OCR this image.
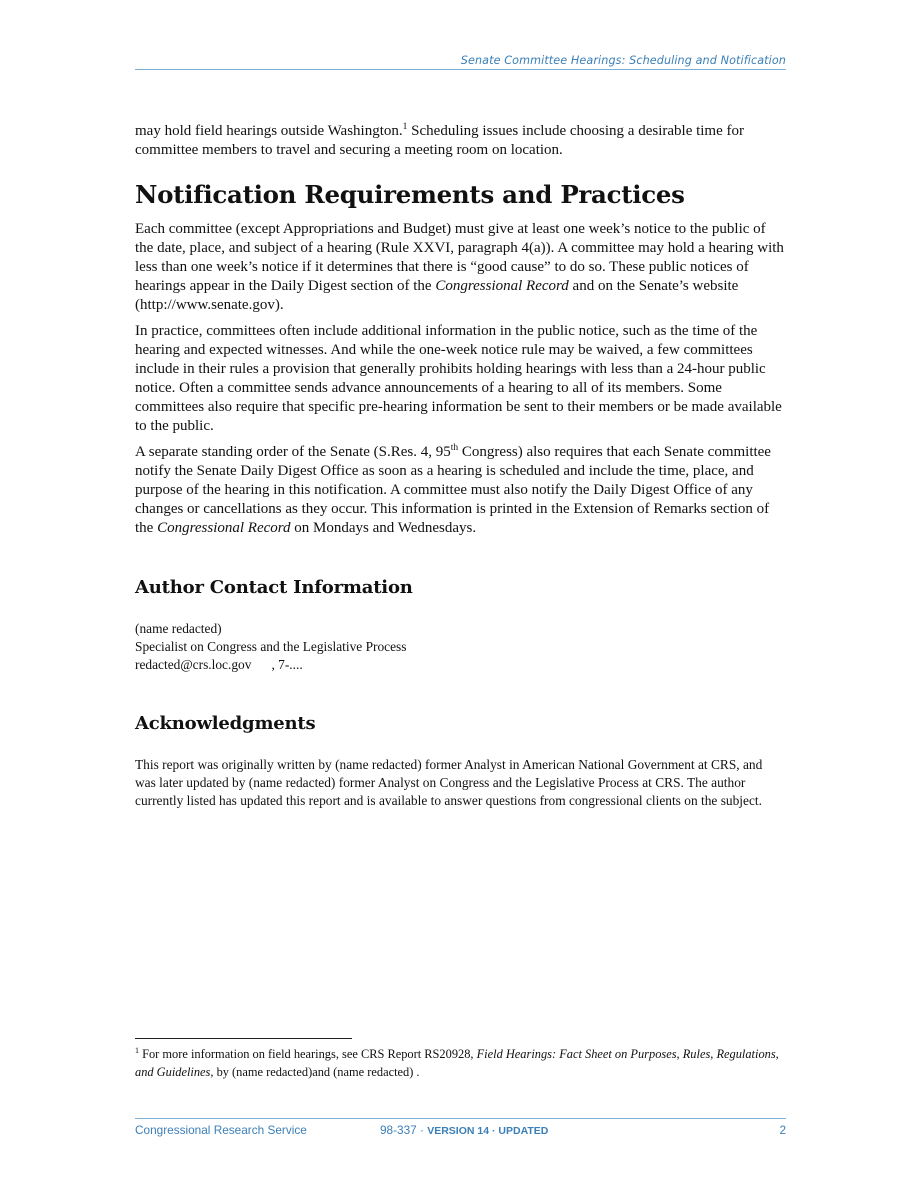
Senate Committee Hearings: Scheduling and Notification

may hold field hearings outside Washington.$^1$ Scheduling issues include choosing a desirable time for committee members to travel and securing a meeting room on location.

Notification Requirements and Practices

Each committee (except Appropriations and Budget) must give at least one week’s notice to the public of the date, place, and subject of a hearing (Rule XXVI, paragraph 4(a)). A committee may hold a hearing with less than one week’s notice if it determines that there is “good cause” to do so. These public notices of hearings appear in the Daily Digest section of the Congressional Record and on the Senate’s website (http://www.senate.gov).

In practice, committees often include additional information in the public notice, such as the time of the hearing and expected witnesses. And while the one-week notice rule may be waived, a few committees include in their rules a provision that generally prohibits holding hearings with less than a 24-hour public notice. Often a committee sends advance announcements of a hearing to all of its members. Some committees also require that specific pre-hearing information be sent to their members or be made available to the public.

A separate standing order of the Senate (S.Res. 4, 95th Congress) also requires that each Senate committee notify the Senate Daily Digest Office as soon as a hearing is scheduled and include the time, place, and purpose of the hearing in this notification. A committee must also notify the Daily Digest Office of any changes or cancellations as they occur. This information is printed in the Extension of Remarks section of the Congressional Record on Mondays and Wednesdays.

Author Contact Information
(name redacted)
Specialist on Congress and the Legislative Process
redacted@crs.loc.gov , 7-....
Acknowledgments

This report was originally written by (name redacted) former Analyst in American National Government at CRS, and was later updated by (name redacted) former Analyst on Congress and the Legislative Process at CRS. The author currently listed has updated this report and is available to answer questions from congressional clients on the subject.

$^1$ For more information on field hearings, see CRS Report RS20928, Field Hearings: Fact Sheet on Purposes, Rules, Regulations, and Guidelines, by (name redacted)and (name redacted) .
Congressional Research Service	98-337 · VERSION 14 · UPDATED	2
